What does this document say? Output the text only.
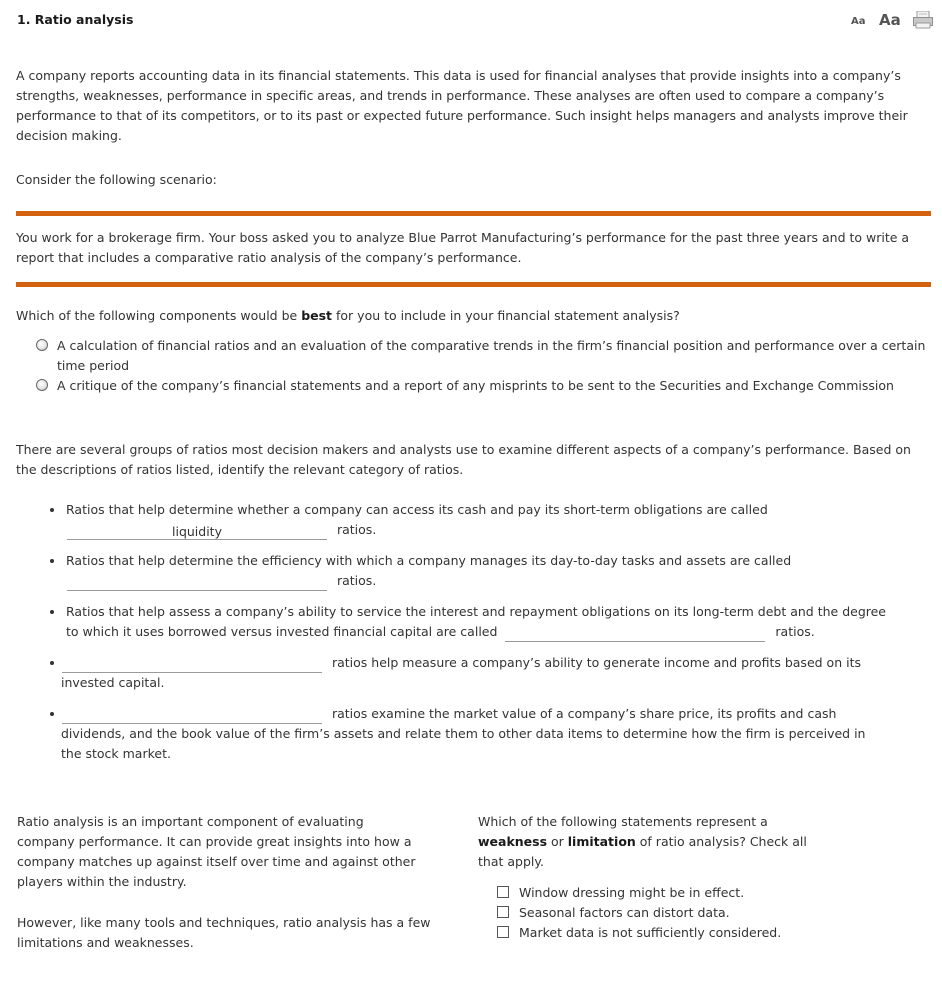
1. Ratio analysis	Aa Aa

A company reports accounting data in its financial statements. This data is used for financial analyses that provide insights into a company’s strengths, weaknesses, performance in specific areas, and trends in performance. These analyses are often used to compare a company’s performance to that of its competitors, or to its past or expected future performance. Such insight helps managers and analysts improve their decision making.

Consider the following scenario:

You work for a brokerage firm. Your boss asked you to analyze Blue Parrot Manufacturing’s performance for the past three years and to write a report that includes a comparative ratio analysis of the company’s performance.

Which of the following components would be best for you to include in your financial statement analysis?

A calculation of financial ratios and an evaluation of the comparative trends in the firm’s financial position and performance over a certain time period
A critique of the company’s financial statements and a report of any misprints to be sent to the Securities and Exchange Commission

There are several groups of ratios most decision makers and analysts use to examine different aspects of a company’s performance. Based on the descriptions of ratios listed, identify the relevant category of ratios.

Ratios that help determine whether a company can access its cash and pay its short-term obligations are called
liquidity	ratios.
Ratios that help determine the efficiency with which a company manages its day-to-day tasks and assets are called
ratios.
Ratios that help assess a company’s ability to service the interest and repayment obligations on its long-term debt and the degree
to which it uses borrowed versus invested financial capital are called	ratios.
ratios help measure a company’s ability to generate income and profits based on its
invested capital.
ratios examine the market value of a company’s share price, its profits and cash
dividends, and the book value of the firm’s assets and relate them to other data items to determine how the firm is perceived in
the stock market.

Ratio analysis is an important component of evaluating company performance. It can provide great insights into how a company matches up against itself over time and against other players within the industry.

However, like many tools and techniques, ratio analysis has a few limitations and weaknesses.

Which of the following statements represent a weakness or limitation of ratio analysis? Check all that apply.

Window dressing might be in effect.
Seasonal factors can distort data.
Market data is not sufficiently considered.
